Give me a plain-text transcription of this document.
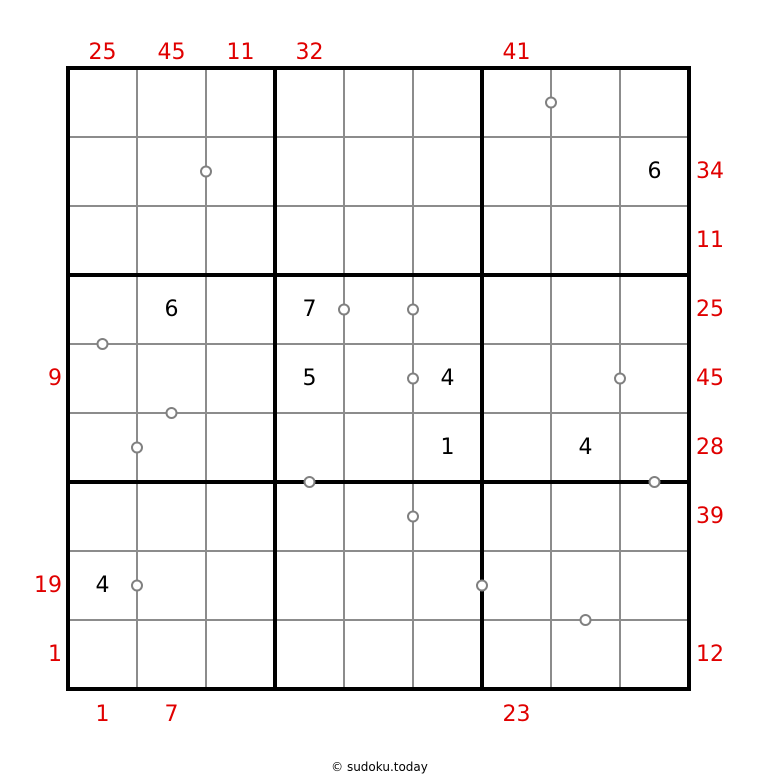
6
6	7
5	4
1	4
4
25 45 11 32	41
1	7	23
9
19
1
34
11
25
45
28
39
12
© sudoku.today
